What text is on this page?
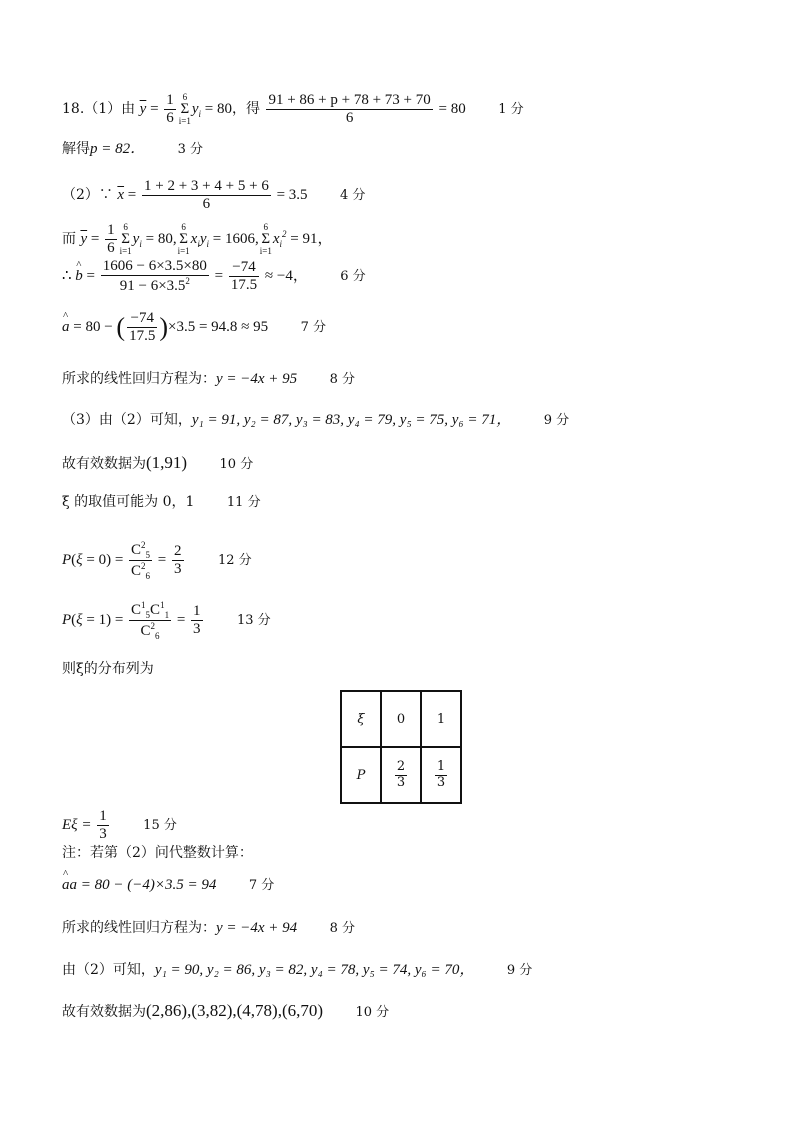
18.（1）由 $\overline{y} = \frac{1}{6} 6$
Σ
$i=1y_i = 80$，得 $\frac{91 + 86 + p + 78 + 73 + 70}{6} = 80$ 1 分
解得p = 82． 3 分
（2）∵ $\overline{x} = \frac{1 + 2 + 3 + 4 + 5 + 6}{6} = 3.5$ 4 分
而 $\overline{y} = \frac{1}{6} 6$
Σ
$i=1y_i = 80,6$
Σ
$i=1x_iy_i = 1606,6$
Σ
$i=1x_i^2 = 91$，
∴ ^ $b = \frac{1606 - 6\times 3.5\times 80}{91 - 6\times 3.5^2} = \frac{-74}{17.5} \approx -4$， 6 分
^ a = 80 − ( $\frac{-74}{17.5} )\times 3.5 = 94.8 \approx 95$ 7 分
所求的线性回归方程为：y = −4x + 95 8 分
（3）由（2）可知，y₁ = 91, y₂ = 87, y₃ = 83, y₄ = 79, y₅ = 75, y₆ = 71， 9 分
故有效数据为(1,91) 10 分
ξ 的取值可能为 0，1 11 分
$P(\xi = 0) = \frac{C^2_5}{C^2_6} = \frac{2}{3}$	12 分
$P(\xi = 1) = \frac{C^1_5C^1_1}{C^2_6} = \frac{1}{3}$	13 分
则ξ的分布列为
ξ	0	1
P	$\frac{2}{3}$	$\frac{1}{3}$
$E\xi = \frac{1}{3}$	15 分
注：若第（2）问代整数计算：
^ aa = 80 − (−4)×3.5 = 94 7 分
所求的线性回归方程为：y = −4x + 94 8 分
由（2）可知，y₁ = 90, y₂ = 86, y₃ = 82, y₄ = 78, y₅ = 74, y₆ = 70， 9 分
故有效数据为(2,86),(3,82),(4,78),(6,70) 10 分
